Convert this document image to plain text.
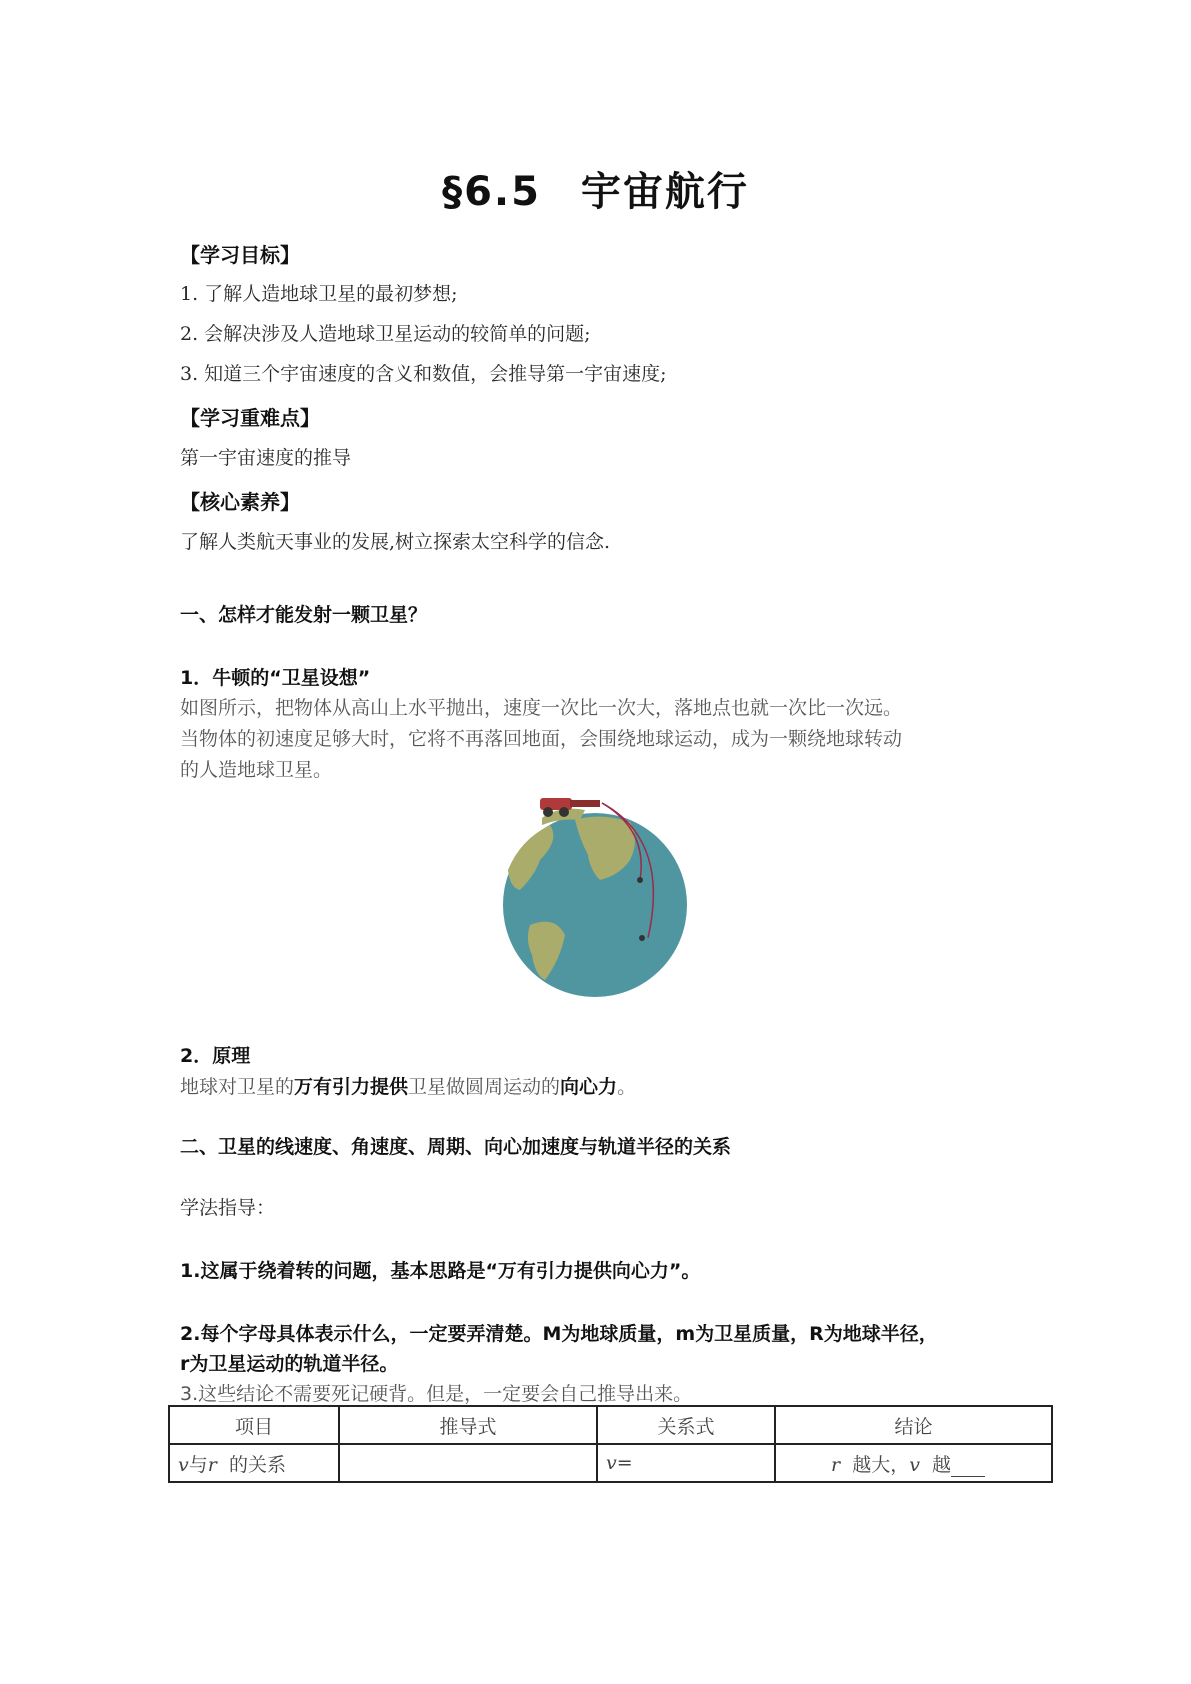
§6.5 宇宙航行
【学习目标】
1. 了解人造地球卫星的最初梦想;
2. 会解决涉及人造地球卫星运动的较简单的问题;
3. 知道三个宇宙速度的含义和数值，会推导第一宇宙速度;
【学习重难点】
第一宇宙速度的推导
【核心素养】
了解人类航天事业的发展,树立探索太空科学的信念.
一、怎样才能发射一颗卫星？
1．牛顿的“卫星设想”
如图所示，把物体从高山上水平抛出，速度一次比一次大，落地点也就一次比一次远。
当物体的初速度足够大时，它将不再落回地面，会围绕地球运动，成为一颗绕地球转动
的人造地球卫星。
2．原理
地球对卫星的万有引力提供卫星做圆周运动的向心力。
二、卫星的线速度、角速度、周期、向心加速度与轨道半径的关系
学法指导：
1.这属于绕着转的问题，基本思路是“万有引力提供向心力”。
2.每个字母具体表示什么，一定要弄清楚。M为地球质量，m为卫星质量，R为地球半径，
r为卫星运动的轨道半径。
3.这些结论不需要死记硬背。但是，一定要会自己推导出来。
项目	推导式	关系式	结论
v与r 的关系		v=	r 越大，v 越
